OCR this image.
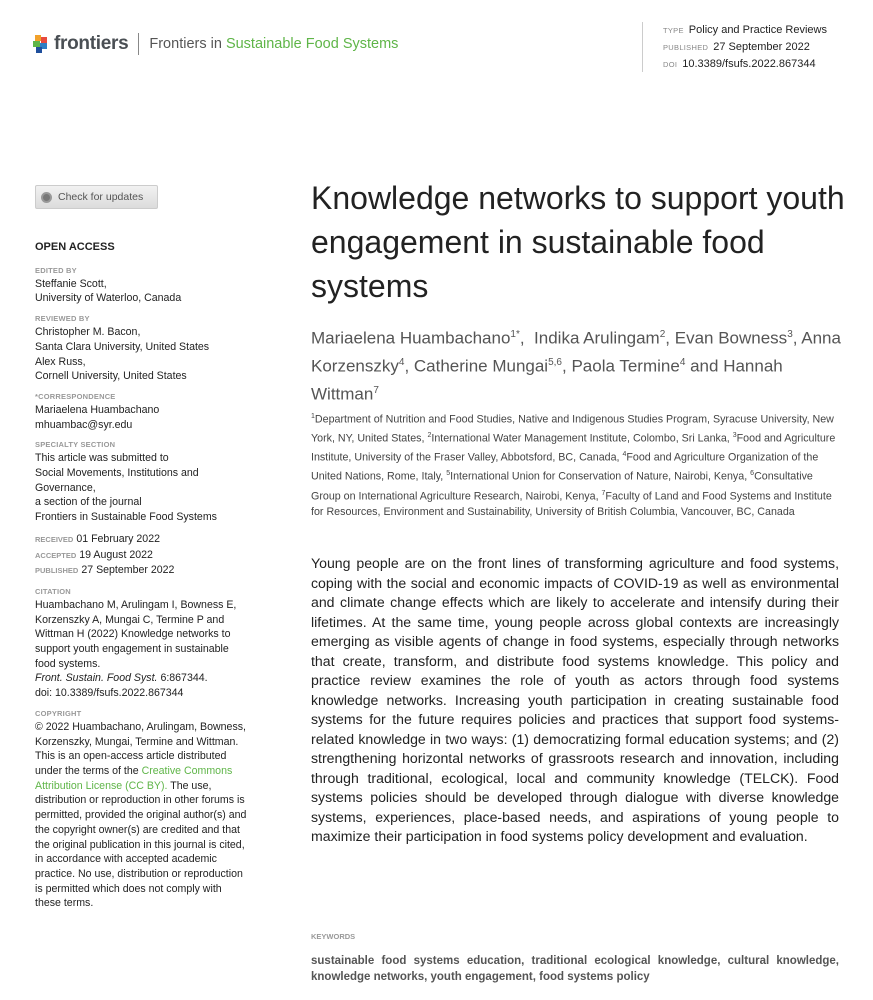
frontiers Frontiers in Sustainable Food Systems
TYPE Policy and Practice Reviews
PUBLISHED 27 September 2022
DOI 10.3389/fsufs.2022.867344
Check for updates
OPEN ACCESS
EDITED BY
Steffanie Scott,
University of Waterloo, Canada
REVIEWED BY
Christopher M. Bacon,
Santa Clara University, United States
Alex Russ,
Cornell University, United States
*CORRESPONDENCE
Mariaelena Huambachano
mhuambac@syr.edu
SPECIALTY SECTION
This article was submitted to
Social Movements, Institutions and Governance,
a section of the journal
Frontiers in Sustainable Food Systems
RECEIVED 01 February 2022
ACCEPTED 19 August 2022
PUBLISHED 27 September 2022
CITATION
Huambachano M, Arulingam I, Bowness E, Korzenszky A, Mungai C, Termine P and Wittman H (2022) Knowledge networks to support youth engagement in sustainable food systems.
Front. Sustain. Food Syst. 6:867344.
doi: 10.3389/fsufs.2022.867344
COPYRIGHT
© 2022 Huambachano, Arulingam, Bowness, Korzenszky, Mungai, Termine and Wittman. This is an open-access article distributed under the terms of the Creative Commons Attribution License (CC BY). The use, distribution or reproduction in other forums is permitted, provided the original author(s) and the copyright owner(s) are credited and that the original publication in this journal is cited, in accordance with accepted academic practice. No use, distribution or reproduction is permitted which does not comply with these terms.
Knowledge networks to support youth engagement in sustainable food systems
Mariaelena Huambachano$^{1*}$,  Indika Arulingam$^2$, Evan Bowness$^3$, Anna Korzenszky$^4$, Catherine Mungai$^{5,6}$, Paola Termine$^4$ and Hannah Wittman$^7$
$^1$Department of Nutrition and Food Studies, Native and Indigenous Studies Program, Syracuse University, New York, NY, United States, $^2$International Water Management Institute, Colombo, Sri Lanka, $^3$Food and Agriculture Institute, University of the Fraser Valley, Abbotsford, BC, Canada, $^4$Food and Agriculture Organization of the United Nations, Rome, Italy, $^5$International Union for Conservation of Nature, Nairobi, Kenya, $^6$Consultative Group on International Agriculture Research, Nairobi, Kenya, $^7$Faculty of Land and Food Systems and Institute for Resources, Environment and Sustainability, University of British Columbia, Vancouver, BC, Canada

Young people are on the front lines of transforming agriculture and food systems, coping with the social and economic impacts of COVID-19 as well as environmental and climate change effects which are likely to accelerate and intensify during their lifetimes. At the same time, young people across global contexts are increasingly emerging as visible agents of change in food systems, especially through networks that create, transform, and distribute food systems knowledge. This policy and practice review examines the role of youth as actors through food systems knowledge networks. Increasing youth participation in creating sustainable food systems for the future requires policies and practices that support food systems-related knowledge in two ways: (1) democratizing formal education systems; and (2) strengthening horizontal networks of grassroots research and innovation, including through traditional, ecological, local and community knowledge (TELCK). Food systems policies should be developed through dialogue with diverse knowledge systems, experiences, place-based needs, and aspirations of young people to maximize their participation in food systems policy development and evaluation.

KEYWORDS
sustainable food systems education, traditional ecological knowledge, cultural knowledge, knowledge networks, youth engagement, food systems policy
